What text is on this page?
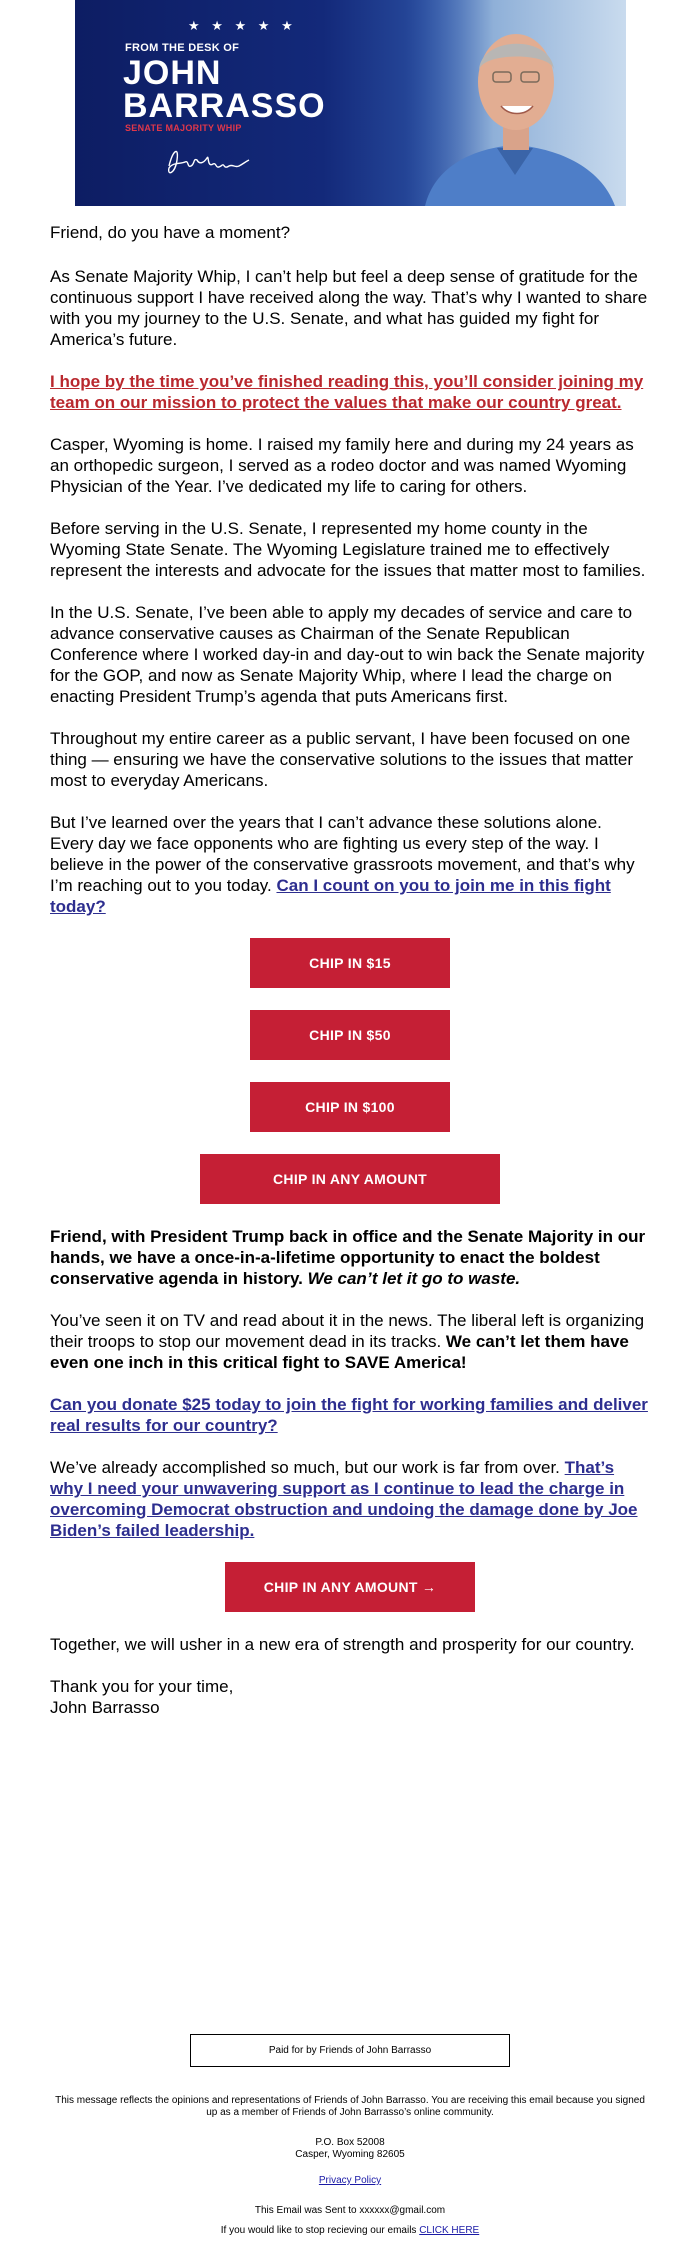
★ ★ ★ ★ ★
FROM THE DESK OF
JOHN
BARRASSO
SENATE MAJORITY WHIP

Friend, do you have a moment?

As Senate Majority Whip, I can’t help but feel a deep sense of gratitude for the continuous support I have received along the way. That’s why I wanted to share with you my journey to the U.S. Senate, and what has guided my fight for America’s future.

I hope by the time you’ve finished reading this, you’ll consider joining my team on our mission to protect the values that make our country great.

Casper, Wyoming is home. I raised my family here and during my 24 years as an orthopedic surgeon, I served as a rodeo doctor and was named Wyoming Physician of the Year. I’ve dedicated my life to caring for others.

Before serving in the U.S. Senate, I represented my home county in the Wyoming State Senate. The Wyoming Legislature trained me to effectively represent the interests and advocate for the issues that matter most to families.

In the U.S. Senate, I’ve been able to apply my decades of service and care to advance conservative causes as Chairman of the Senate Republican Conference where I worked day-in and day-out to win back the Senate majority for the GOP, and now as Senate Majority Whip, where I lead the charge on enacting President Trump’s agenda that puts Americans first.

Throughout my entire career as a public servant, I have been focused on one thing — ensuring we have the conservative solutions to the issues that matter most to everyday Americans.

But I’ve learned over the years that I can’t advance these solutions alone. Every day we face opponents who are fighting us every step of the way. I believe in the power of the conservative grassroots movement, and that’s why I’m reaching out to you today. Can I count on you to join me in this fight today?

CHIP IN $15
CHIP IN $50
CHIP IN $100
CHIP IN ANY AMOUNT

Friend, with President Trump back in office and the Senate Majority in our hands, we have a once-in-a-lifetime opportunity to enact the boldest conservative agenda in history. We can’t let it go to waste.

You’ve seen it on TV and read about it in the news. The liberal left is organizing their troops to stop our movement dead in its tracks. We can’t let them have even one inch in this critical fight to SAVE America!

Can you donate $25 today to join the fight for working families and deliver real results for our country?

We’ve already accomplished so much, but our work is far from over. That’s why I need your unwavering support as I continue to lead the charge in overcoming Democrat obstruction and undoing the damage done by Joe Biden’s failed leadership.

CHIP IN ANY AMOUNT →

Together, we will usher in a new era of strength and prosperity for our country.

Thank you for your time,

John Barrasso

Paid for by Friends of John Barrasso
This message reflects the opinions and representations of Friends of John Barrasso. You are receiving this email because you signed up as a member of Friends of John Barrasso’s online community.
P.O. Box 52008
Casper, Wyoming 82605
Privacy Policy
This Email was Sent to xxxxxx@gmail.com
If you would like to stop recieving our emails CLICK HERE
